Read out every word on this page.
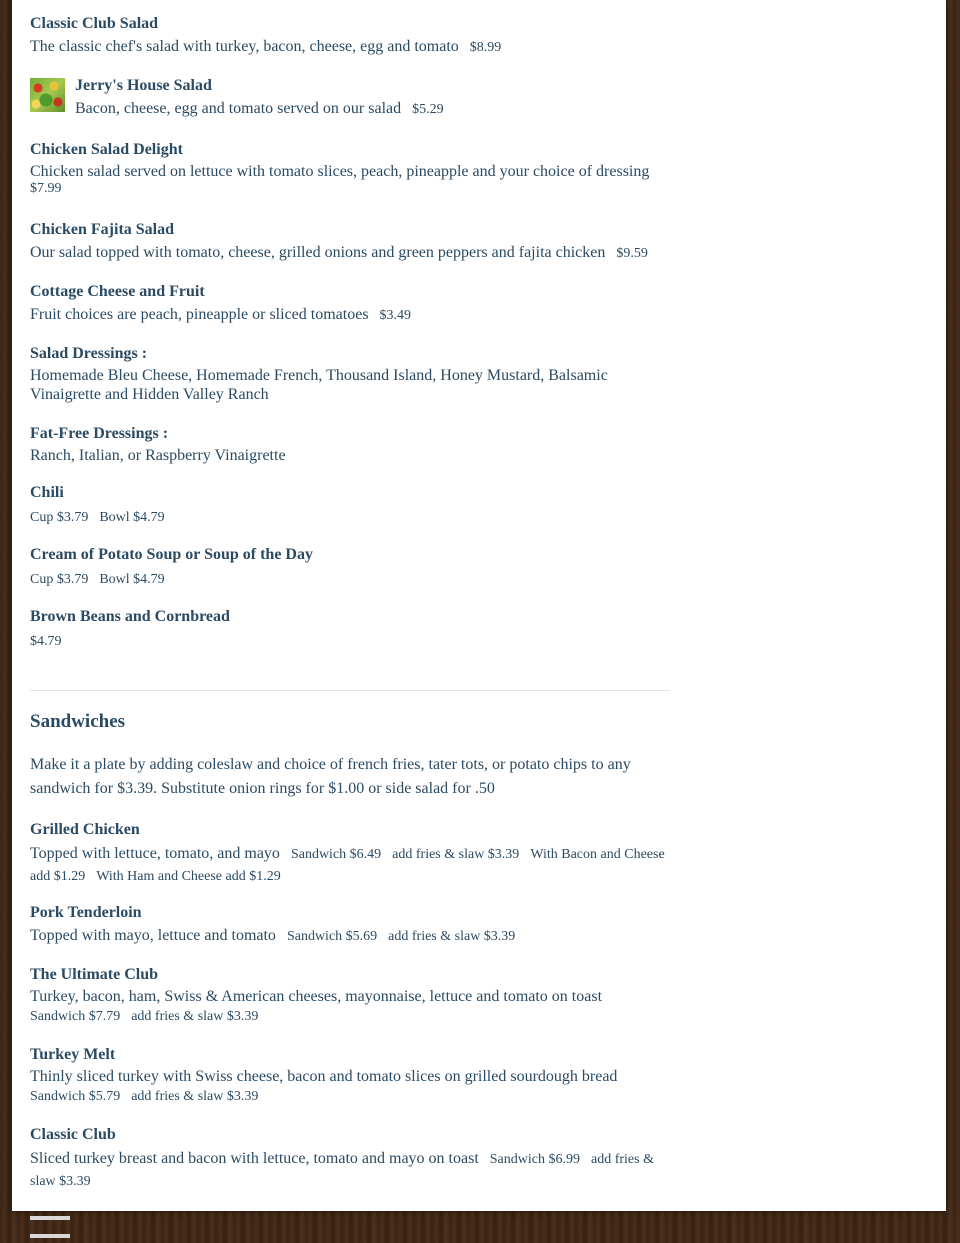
Classic Club Salad

The classic chef's salad with turkey, bacon, cheese, egg and tomato $8.99

Jerry's House Salad

Bacon, cheese, egg and tomato served on our salad $5.29

Chicken Salad Delight

Chicken salad served on lettuce with tomato slices, peach, pineapple and your choice of dressing
$7.99

Chicken Fajita Salad

Our salad topped with tomato, cheese, grilled onions and green peppers and fajita chicken $9.59

Cottage Cheese and Fruit

Fruit choices are peach, pineapple or sliced tomatoes $3.49

Salad Dressings :

Homemade Bleu Cheese, Homemade French, Thousand Island, Honey Mustard, Balsamic Vinaigrette and Hidden Valley Ranch

Fat-Free Dressings :

Ranch, Italian, or Raspberry Vinaigrette

Chili

Cup $3.79 Bowl $4.79

Cream of Potato Soup or Soup of the Day

Cup $3.79 Bowl $4.79

Brown Beans and Cornbread

$4.79
Sandwiches
Make it a plate by adding coleslaw and choice of french fries, tater tots, or potato chips to any sandwich for $3.39. Substitute onion rings for $1.00 or side salad for .50

Grilled Chicken

Topped with lettuce, tomato, and mayo Sandwich $6.49 add fries & slaw $3.39 With Bacon and Cheese add $1.29 With Ham and Cheese add $1.29

Pork Tenderloin

Topped with mayo, lettuce and tomato Sandwich $5.69 add fries & slaw $3.39

The Ultimate Club

Turkey, bacon, ham, Swiss & American cheeses, mayonnaise, lettuce and tomato on toast
Sandwich $7.79 add fries & slaw $3.39

Turkey Melt

Thinly sliced turkey with Swiss cheese, bacon and tomato slices on grilled sourdough bread
Sandwich $5.79 add fries & slaw $3.39

Classic Club

Sliced turkey breast and bacon with lettuce, tomato and mayo on toast Sandwich $6.99 add fries & slaw $3.39
